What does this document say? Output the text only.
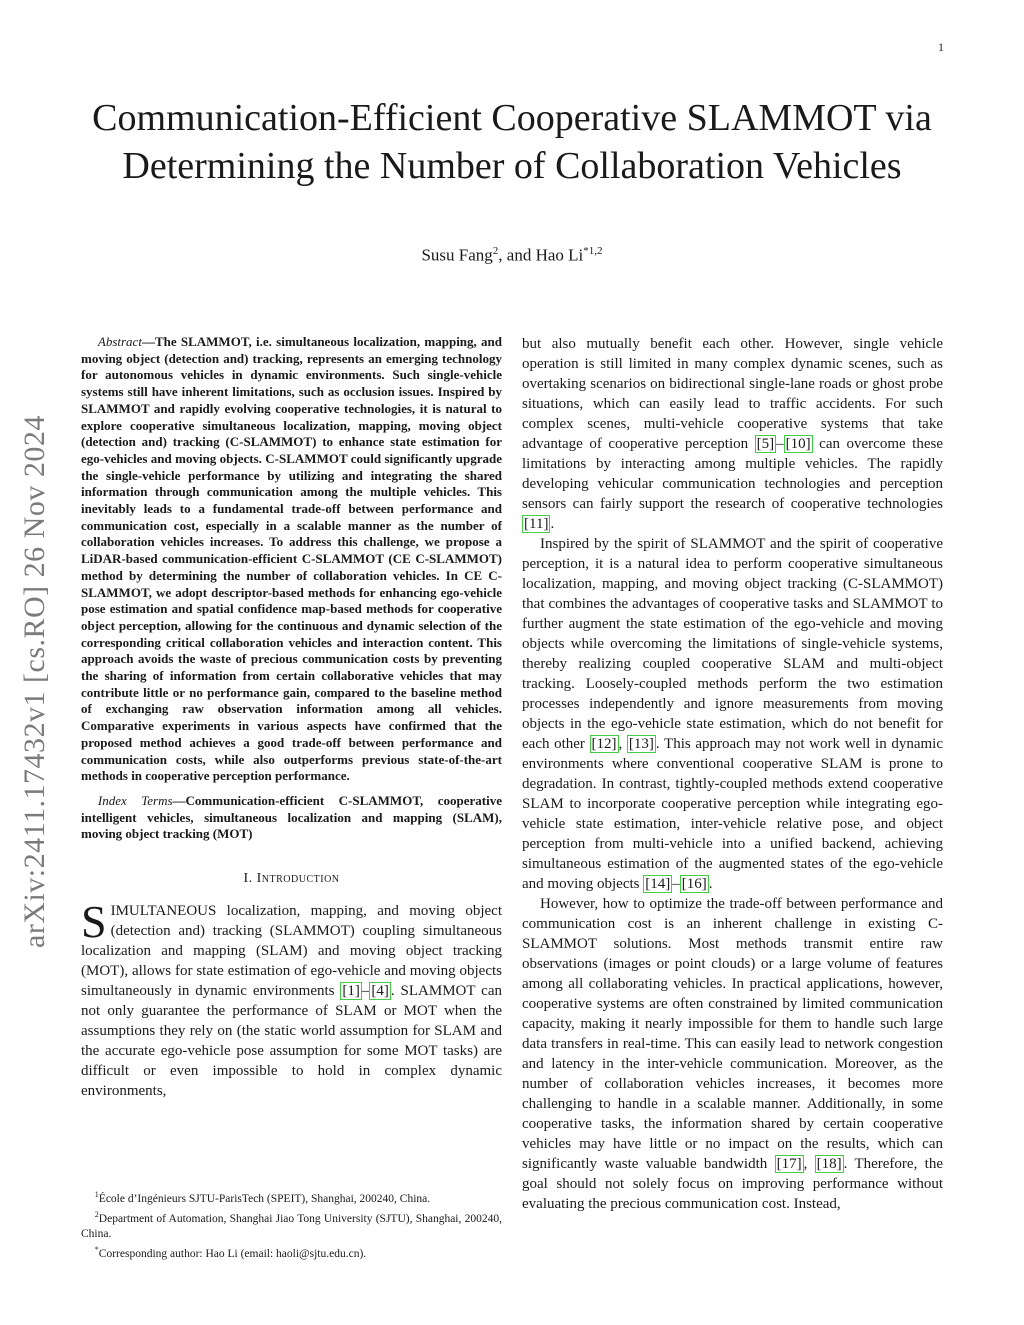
1
arXiv:2411.17432v1 [cs.RO] 26 Nov 2024
Communication-Efficient Cooperative SLAMMOT via Determining the Number of Collaboration Vehicles
Susu Fang$^2$, and Hao Li$^{*1,2}$

Abstract—The SLAMMOT, i.e. simultaneous localization, mapping, and moving object (detection and) tracking, represents an emerging technology for autonomous vehicles in dynamic environments. Such single-vehicle systems still have inherent limitations, such as occlusion issues. Inspired by SLAMMOT and rapidly evolving cooperative technologies, it is natural to explore cooperative simultaneous localization, mapping, moving object (detection and) tracking (C-SLAMMOT) to enhance state estimation for ego-vehicles and moving objects. C-SLAMMOT could significantly upgrade the single-vehicle performance by utilizing and integrating the shared information through communication among the multiple vehicles. This inevitably leads to a fundamental trade-off between performance and communication cost, especially in a scalable manner as the number of collaboration vehicles increases. To address this challenge, we propose a LiDAR-based communication-efficient C-SLAMMOT (CE C-SLAMMOT) method by determining the number of collaboration vehicles. In CE C-SLAMMOT, we adopt descriptor-based methods for enhancing ego-vehicle pose estimation and spatial confidence map-based methods for cooperative object perception, allowing for the continuous and dynamic selection of the corresponding critical collaboration vehicles and interaction content. This approach avoids the waste of precious communication costs by preventing the sharing of information from certain collaborative vehicles that may contribute little or no performance gain, compared to the baseline method of exchanging raw observation information among all vehicles. Comparative experiments in various aspects have confirmed that the proposed method achieves a good trade-off between performance and communication costs, while also outperforms previous state-of-the-art methods in cooperative perception performance.

Index Terms—Communication-efficient C-SLAMMOT, cooperative intelligent vehicles, simultaneous localization and mapping (SLAM), moving object tracking (MOT)

I. Introduction

SIMULTANEOUS localization, mapping, and moving object (detection and) tracking (SLAMMOT) coupling simultaneous localization and mapping (SLAM) and moving object tracking (MOT), allows for state estimation of ego-vehicle and moving objects simultaneously in dynamic environments [1] – [4] . SLAMMOT can not only guarantee the performance of SLAM or MOT when the assumptions they rely on (the static world assumption for SLAM and the accurate ego-vehicle pose assumption for some MOT tasks) are difficult or even impossible to hold in complex dynamic environments,

but also mutually benefit each other. However, single vehicle operation is still limited in many complex dynamic scenes, such as overtaking scenarios on bidirectional single-lane roads or ghost probe situations, which can easily lead to traffic accidents. For such complex scenes, multi-vehicle cooperative systems that take advantage of cooperative perception [5] – [10] can overcome these limitations by interacting among multiple vehicles. The rapidly developing vehicular communication technologies and perception sensors can fairly support the research of cooperative technologies [11] .

Inspired by the spirit of SLAMMOT and the spirit of cooperative perception, it is a natural idea to perform cooperative simultaneous localization, mapping, and moving object tracking (C-SLAMMOT) that combines the advantages of cooperative tasks and SLAMMOT to further augment the state estimation of the ego-vehicle and moving objects while overcoming the limitations of single-vehicle systems, thereby realizing coupled cooperative SLAM and multi-object tracking. Loosely-coupled methods perform the two estimation processes independently and ignore measurements from moving objects in the ego-vehicle state estimation, which do not benefit for each other [12] , [13] . This approach may not work well in dynamic environments where conventional cooperative SLAM is prone to degradation. In contrast, tightly-coupled methods extend cooperative SLAM to incorporate cooperative perception while integrating ego-vehicle state estimation, inter-vehicle relative pose, and object perception from multi-vehicle into a unified backend, achieving simultaneous estimation of the augmented states of the ego-vehicle and moving objects [14] – [16] .

However, how to optimize the trade-off between performance and communication cost is an inherent challenge in existing C-SLAMMOT solutions. Most methods transmit entire raw observations (images or point clouds) or a large volume of features among all collaborating vehicles. In practical applications, however, cooperative systems are often constrained by limited communication capacity, making it nearly impossible for them to handle such large data transfers in real-time. This can easily lead to network congestion and latency in the inter-vehicle communication. Moreover, as the number of collaboration vehicles increases, it becomes more challenging to handle in a scalable manner. Additionally, in some cooperative tasks, the information shared by certain cooperative vehicles may have little or no impact on the results, which can significantly waste valuable bandwidth [17] , [18] . Therefore, the goal should not solely focus on improving performance without evaluating the precious communication cost. Instead,

$^1$École d’Ingénieurs SJTU-ParisTech (SPEIT), Shanghai, 200240, China.

$^2$Department of Automation, Shanghai Jiao Tong University (SJTU), Shanghai, 200240, China.

*Corresponding author: Hao Li (email: haoli@sjtu.edu.cn).
